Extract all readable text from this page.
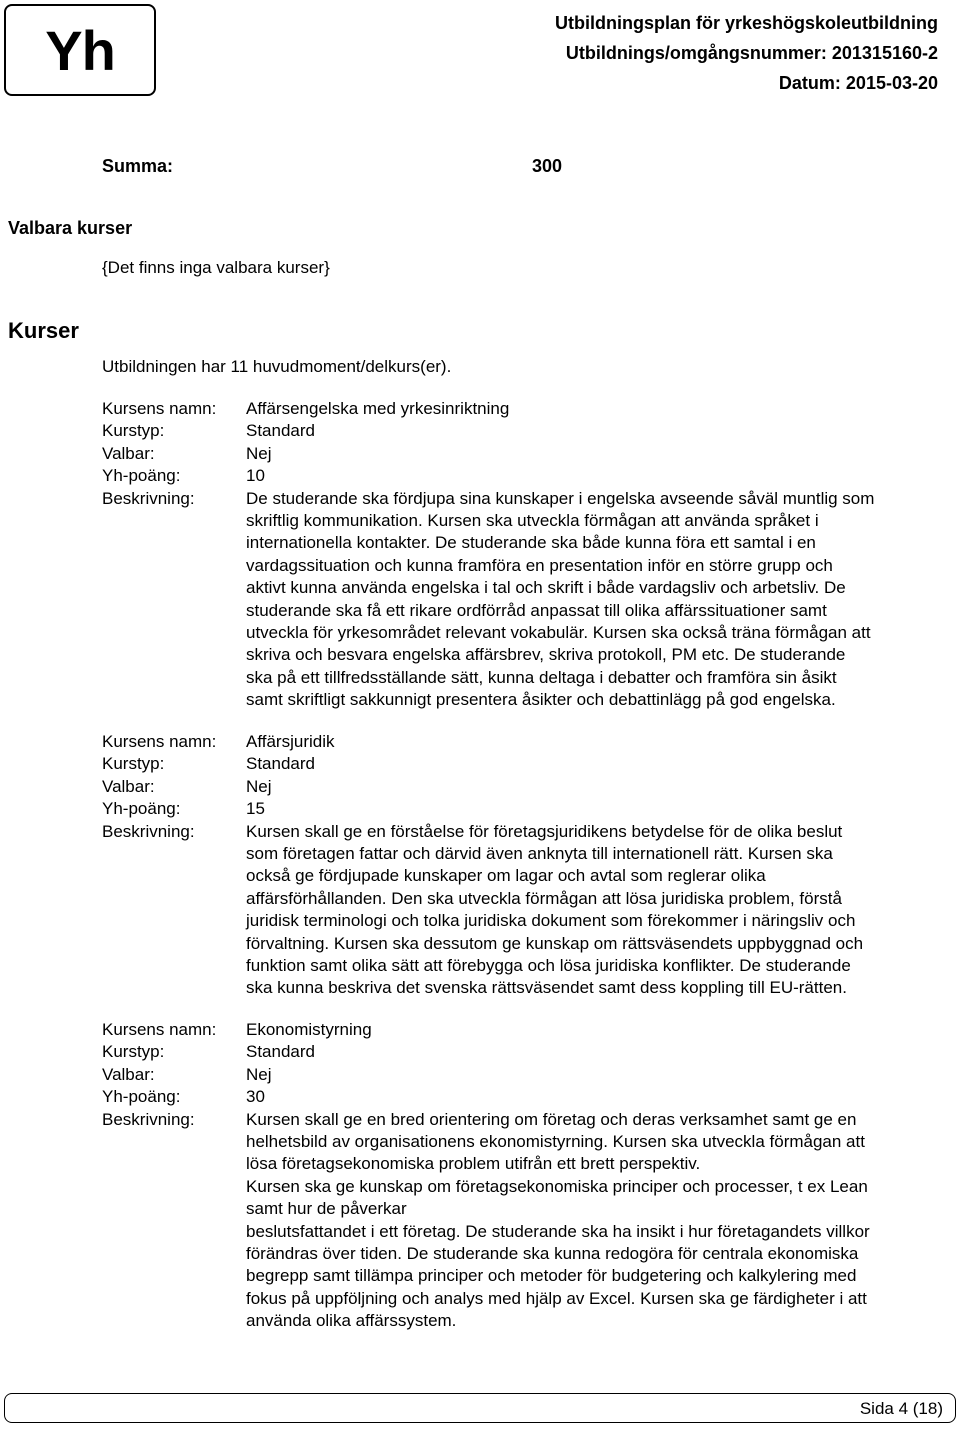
Yh	Utbildningsplan för yrkeshögskoleutbildning
Utbildnings/omgångsnummer: 201315160-2
Datum: 2015-03-20
Summa:	300
Valbara kurser
{Det finns inga valbara kurser}
Kurser
Utbildningen har 11 huvudmoment/delkurs(er).
Kursens namn:	Affärsengelska med yrkesinriktning
Kurstyp:	Standard
Valbar:	Nej
Yh-poäng:	10
Beskrivning:	De studerande ska fördjupa sina kunskaper i engelska avseende såväl muntlig som
skriftlig kommunikation. Kursen ska utveckla förmågan att använda språket i
internationella kontakter. De studerande ska både kunna föra ett samtal i en
vardagssituation och kunna framföra en presentation inför en större grupp och
aktivt kunna använda engelska i tal och skrift i både vardagsliv och arbetsliv. De
studerande ska få ett rikare ordförråd anpassat till olika affärssituationer samt
utveckla för yrkesområdet relevant vokabulär. Kursen ska också träna förmågan att
skriva och besvara engelska affärsbrev, skriva protokoll, PM etc. De studerande
ska på ett tillfredsställande sätt, kunna deltaga i debatter och framföra sin åsikt
samt skriftligt sakkunnigt presentera åsikter och debattinlägg på god engelska.
Kursens namn:	Affärsjuridik
Kurstyp:	Standard
Valbar:	Nej
Yh-poäng:	15
Beskrivning:	Kursen skall ge en förståelse för företagsjuridikens betydelse för de olika beslut
som företagen fattar och därvid även anknyta till internationell rätt. Kursen ska
också ge fördjupade kunskaper om lagar och avtal som reglerar olika
affärsförhållanden. Den ska utveckla förmågan att lösa juridiska problem, förstå
juridisk terminologi och tolka juridiska dokument som förekommer i näringsliv och
förvaltning. Kursen ska dessutom ge kunskap om rättsväsendets uppbyggnad och
funktion samt olika sätt att förebygga och lösa juridiska konflikter. De studerande
ska kunna beskriva det svenska rättsväsendet samt dess koppling till EU-rätten.
Kursens namn:	Ekonomistyrning
Kurstyp:	Standard
Valbar:	Nej
Yh-poäng:	30
Beskrivning:	Kursen skall ge en bred orientering om företag och deras verksamhet samt ge en
helhetsbild av organisationens ekonomistyrning. Kursen ska utveckla förmågan att
lösa företagsekonomiska problem utifrån ett brett perspektiv.
Kursen ska ge kunskap om företagsekonomiska principer och processer, t ex Lean
samt hur de påverkar
beslutsfattandet i ett företag. De studerande ska ha insikt i hur företagandets villkor
förändras över tiden. De studerande ska kunna redogöra för centrala ekonomiska
begrepp samt tillämpa principer och metoder för budgetering och kalkylering med
fokus på uppföljning och analys med hjälp av Excel. Kursen ska ge färdigheter i att
använda olika affärssystem.
Sida 4 (18)
